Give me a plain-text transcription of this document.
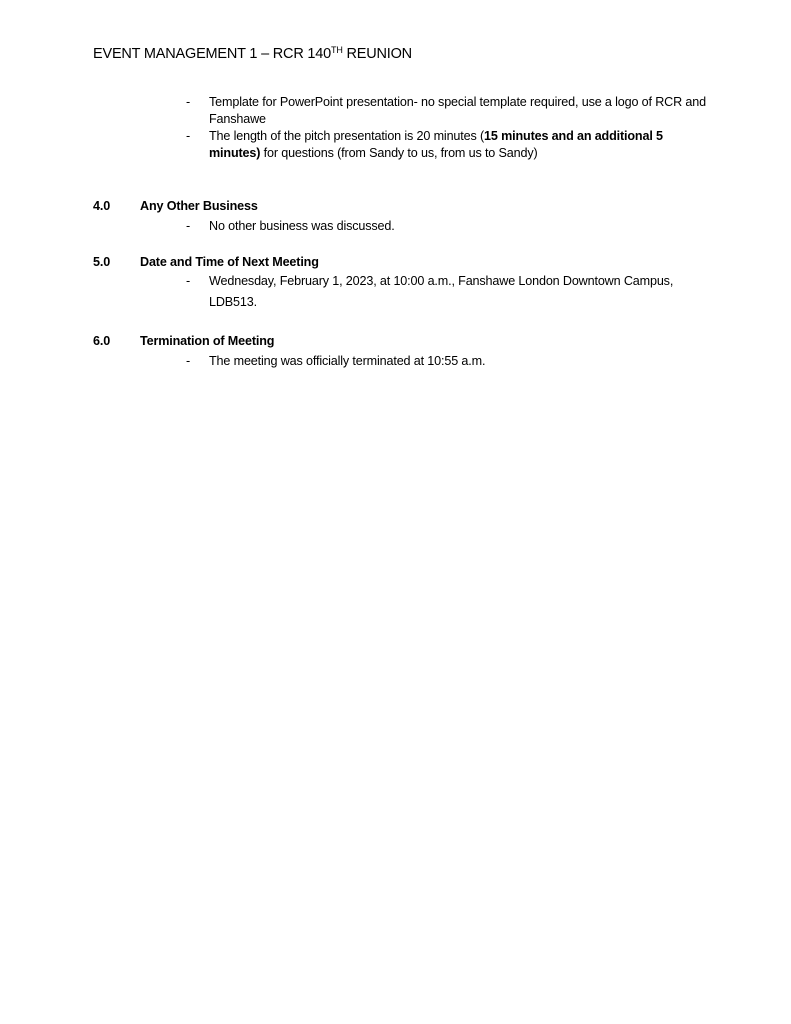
EVENT MANAGEMENT 1 – RCR 140TH REUNION
- Template for PowerPoint presentation- no special template required, use a logo of RCR and Fanshawe
- The length of the pitch presentation is 20 minutes (15 minutes and an additional 5 minutes) for questions (from Sandy to us, from us to Sandy)
4.0 Any Other Business
- No other business was discussed.
5.0 Date and Time of Next Meeting
- Wednesday, February 1, 2023, at 10:00 a.m., Fanshawe London Downtown Campus, LDB513.
6.0 Termination of Meeting
- The meeting was officially terminated at 10:55 a.m.
